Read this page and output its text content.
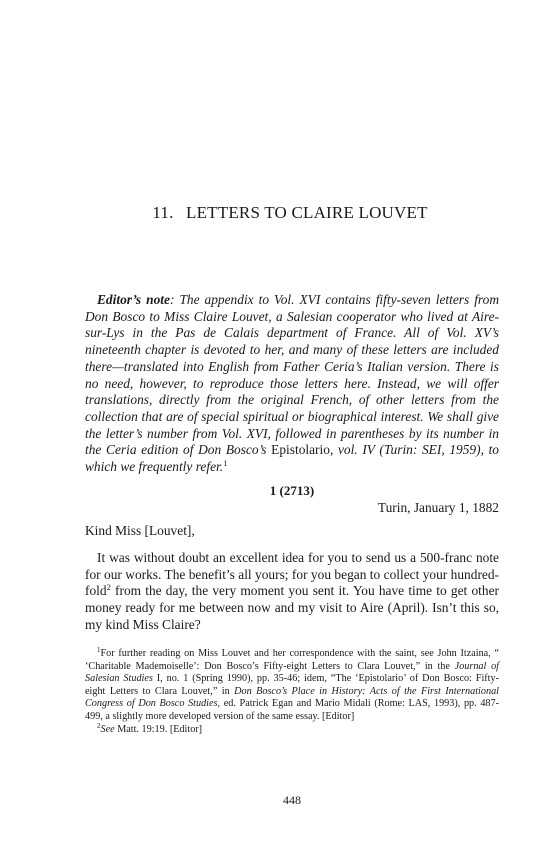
11. LETTERS TO CLAIRE LOUVET
Editor’s note: The appendix to Vol. XVI contains fifty-seven letters from Don Bosco to Miss Claire Louvet, a Salesian cooperator who lived at Aire-sur-Lys in the Pas de Calais department of France. All of Vol. XV’s nineteenth chapter is devoted to her, and many of these letters are included there—translated into English from Father Ceria’s Italian version. There is no need, however, to reproduce those letters here. Instead, we will offer translations, directly from the original French, of other letters from the collection that are of special spiritual or biographical interest. We shall give the letter’s number from Vol. XVI, followed in parentheses by its number in the Ceria edition of Don Bosco’s Epistolario, vol. IV (Turin: SEI, 1959), to which we frequently refer.$^1$
1 (2713)
Turin, January 1, 1882
Kind Miss [Louvet],
It was without doubt an excellent idea for you to send us a 500-franc note for our works. The benefit’s all yours; for you began to collect your hundred-fold$^2$ from the day, the very moment you sent it. You have time to get other money ready for me between now and my visit to Aire (April). Isn’t this so, my kind Miss Claire?

$^1$For further reading on Miss Louvet and her correspondence with the saint, see John Itzaina, “ ‘Charitable Mademoiselle’: Don Bosco’s Fifty-eight Letters to Clara Louvet,” in the Journal of Salesian Studies I, no. 1 (Spring 1990), pp. 35-46; idem, “The ‘Epistolario’ of Don Bosco: Fifty-eight Letters to Clara Louvet,” in Don Bosco’s Place in History: Acts of the First International Congress of Don Bosco Studies, ed. Patrick Egan and Mario Midali (Rome: LAS, 1993), pp. 487-499, a slightly more developed version of the same essay. [Editor]

$^2$See Matt. 19:19. [Editor]

448
